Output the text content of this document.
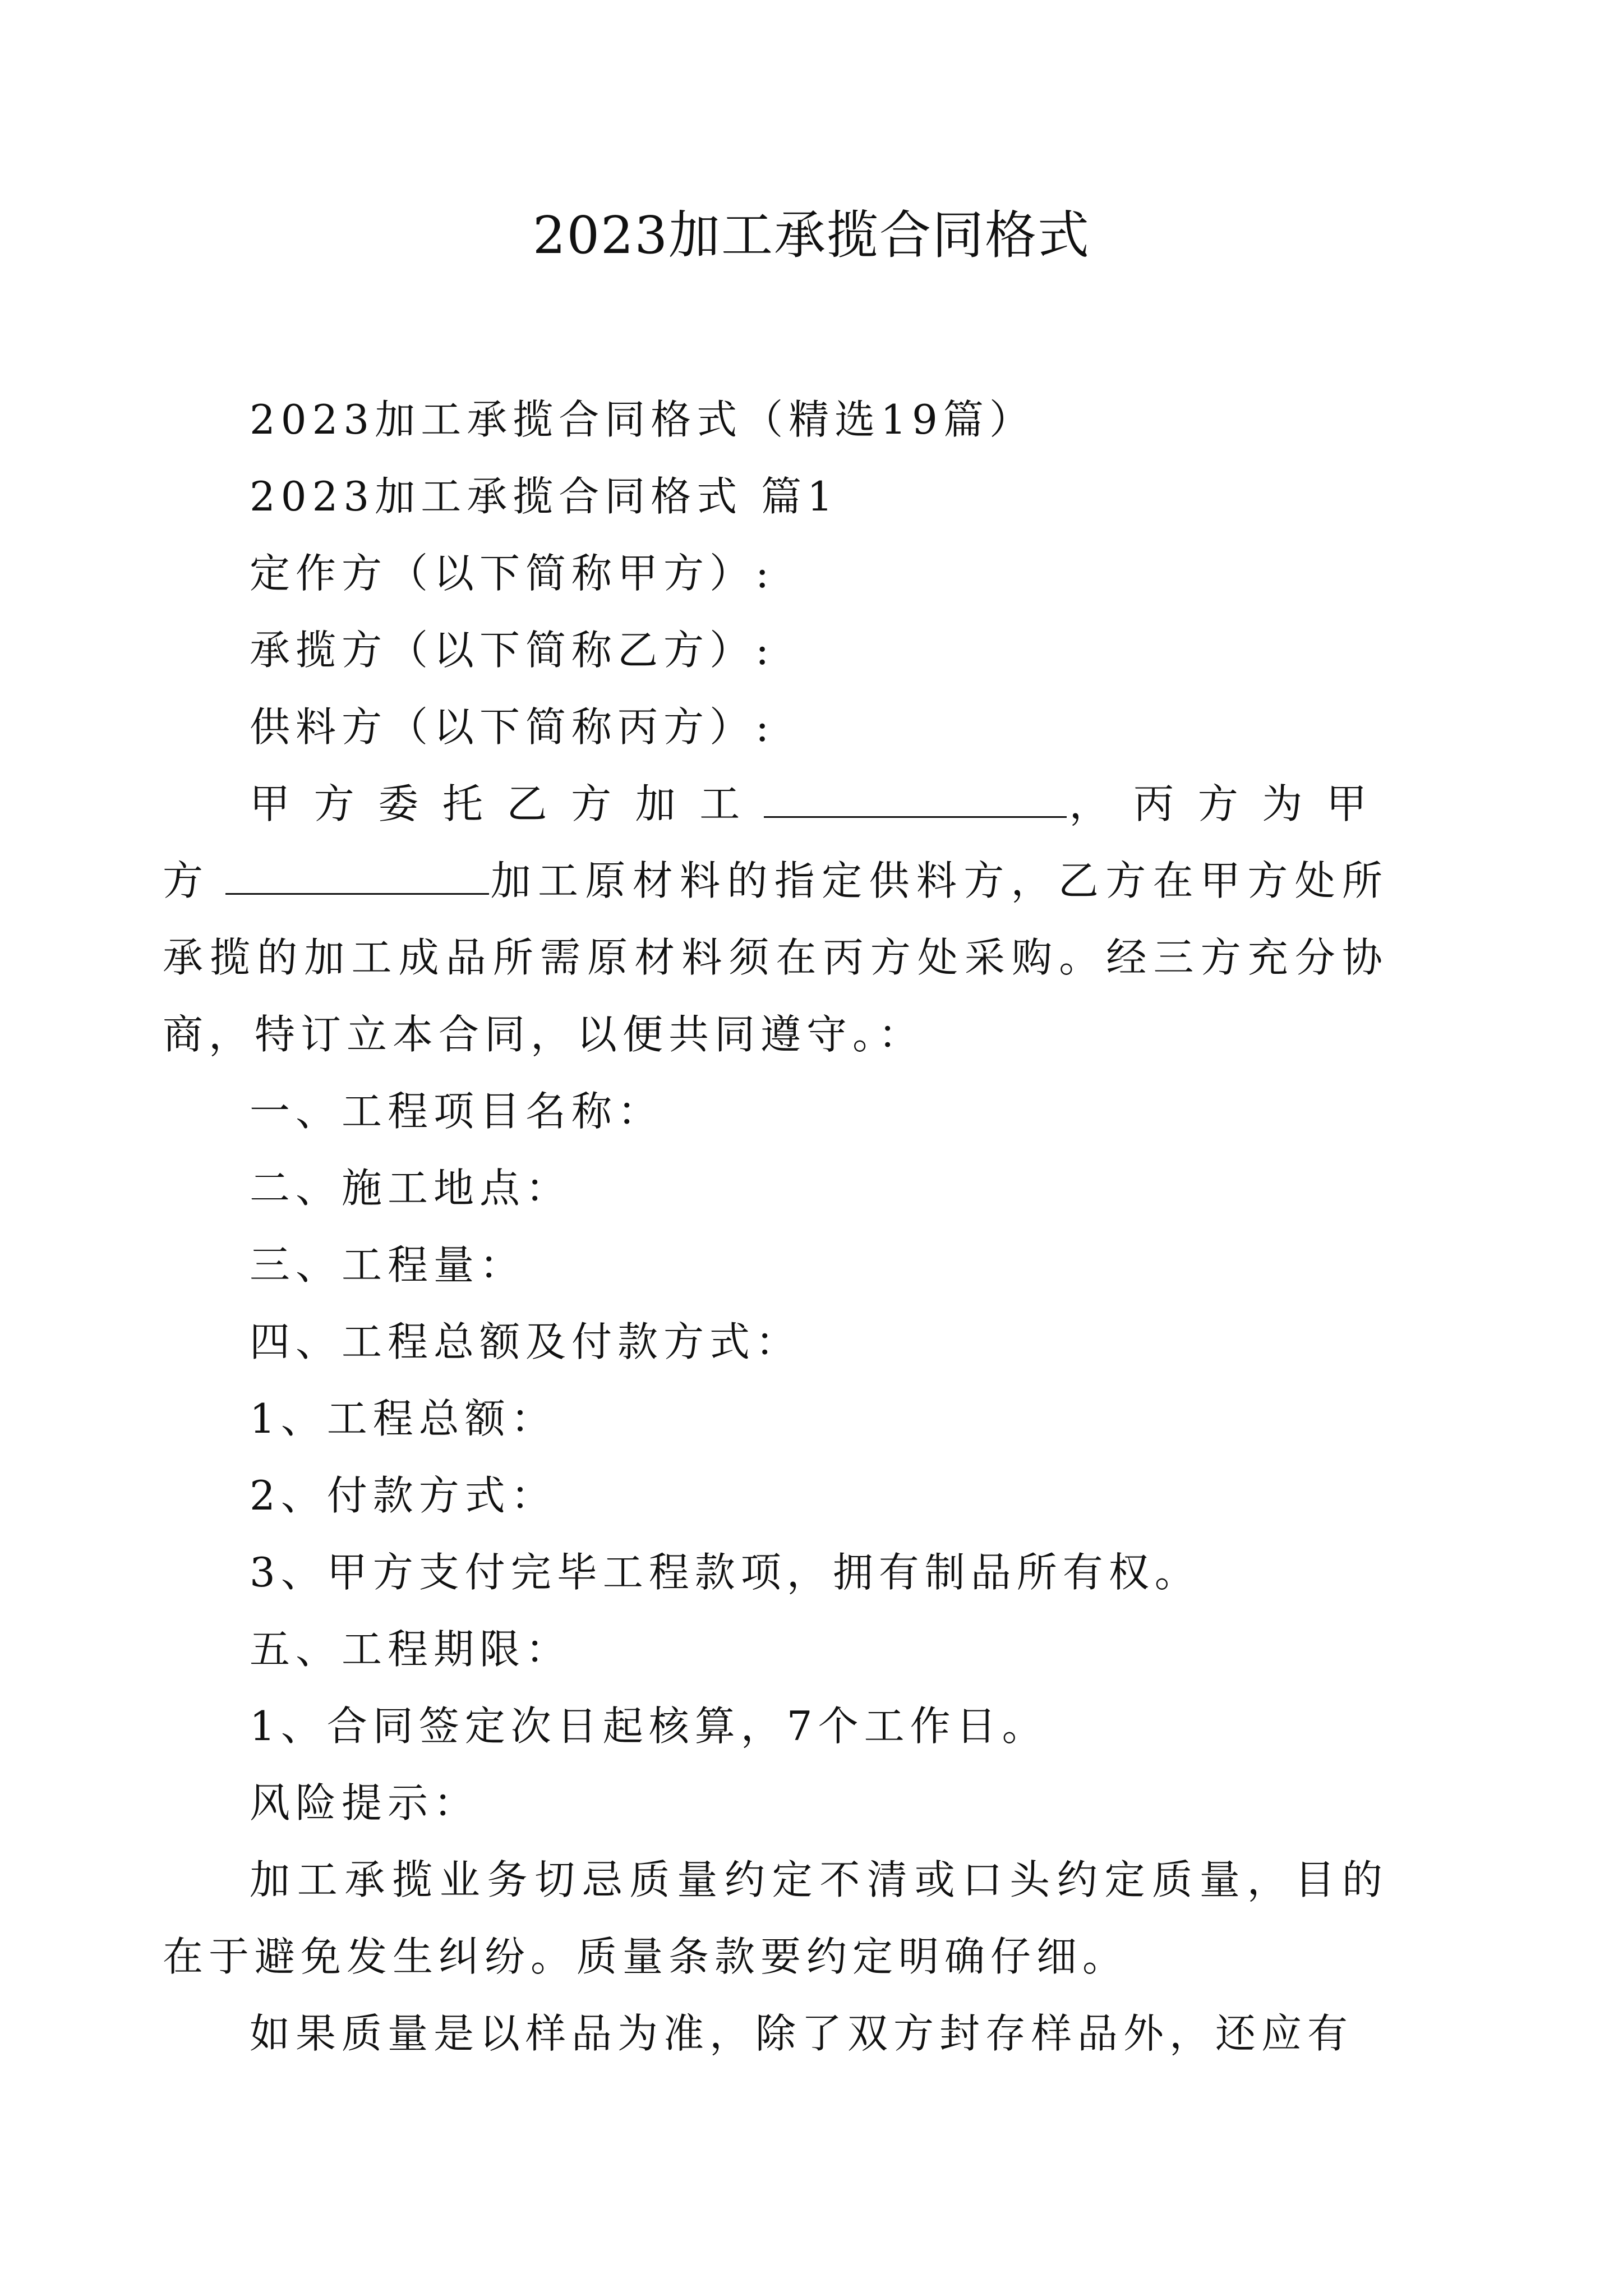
2023加工承揽合同格式
2023加工承揽合同格式（精选19篇）
2023加工承揽合同格式 篇1
定作方（以下简称甲方）:
承揽方（以下简称乙方）:
供料方（以下简称丙方）:
甲方委托乙方加工	，丙方为甲方	加工原材料的指定供料方，乙方在甲方处所承揽的加工成品所需原材料须在丙方处采购。经三方充分协商，特订立本合同，以便共同遵守。：
一、工程项目名称：
二、施工地点：
三、工程量：
四、工程总额及付款方式：
1、工程总额：
2、付款方式：
3、甲方支付完毕工程款项，拥有制品所有权。
五、工程期限：
1、合同签定次日起核算，7个工作日。
风险提示：
加工承揽业务切忌质量约定不清或口头约定质量，目的在于避免发生纠纷。质量条款要约定明确仔细。
如果质量是以样品为准，除了双方封存样品外，还应有
